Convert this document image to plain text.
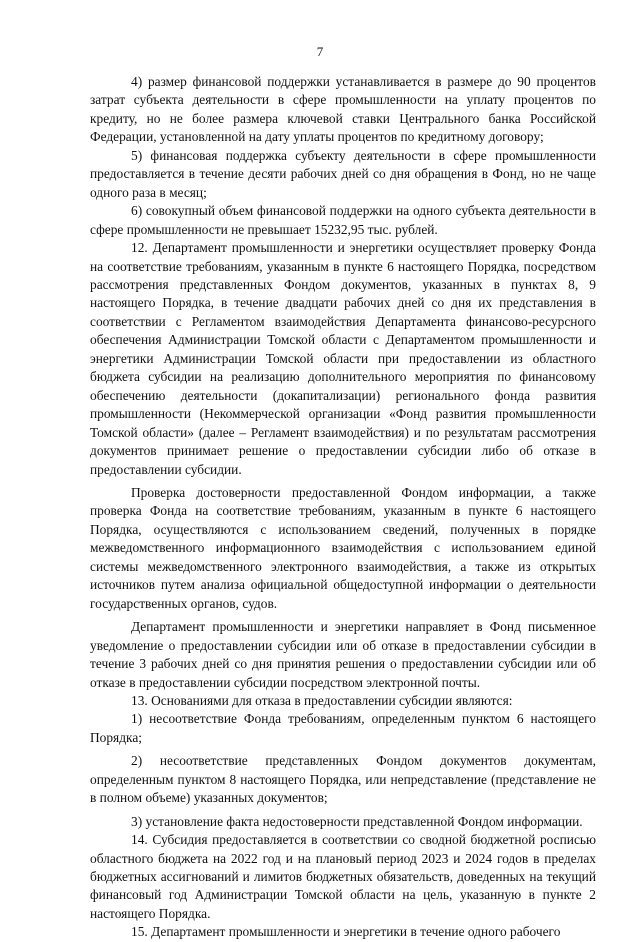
7

4) размер финансовой поддержки устанавливается в размере до 90 процентов затрат субъекта деятельности в сфере промышленности на уплату процентов по кредиту, но не более размера ключевой ставки Центрального банка Российской Федерации, установленной на дату уплаты процентов по кредитному договору;

5) финансовая поддержка субъекту деятельности в сфере промышленности предоставляется в течение десяти рабочих дней со дня обращения в Фонд, но не чаще одного раза в месяц;

6) совокупный объем финансовой поддержки на одного субъекта деятельности в сфере промышленности не превышает 15232,95 тыс. рублей.

12. Департамент промышленности и энергетики осуществляет проверку Фонда на соответствие требованиям, указанным в пункте 6 настоящего Порядка, посредством рассмотрения представленных Фондом документов, указанных в пунктах 8, 9 настоящего Порядка, в течение двадцати рабочих дней со дня их представления в соответствии с Регламентом взаимодействия Департамента финансово-ресурсного обеспечения Администрации Томской области с Департаментом промышленности и энергетики Администрации Томской области при предоставлении из областного бюджета субсидии на реализацию дополнительного мероприятия по финансовому обеспечению деятельности (докапитализации) регионального фонда развития промышленности (Некоммерческой организации «Фонд развития промышленности Томской области» (далее – Регламент взаимодействия) и по результатам рассмотрения документов принимает решение о предоставлении субсидии либо об отказе в предоставлении субсидии.

Проверка достоверности предоставленной Фондом информации, а также проверка Фонда на соответствие требованиям, указанным в пункте 6 настоящего Порядка, осуществляются с использованием сведений, полученных в порядке межведомственного информационного взаимодействия с использованием единой системы межведомственного электронного взаимодействия, а также из открытых источников путем анализа официальной общедоступной информации о деятельности государственных органов, судов.

Департамент промышленности и энергетики направляет в Фонд письменное уведомление о предоставлении субсидии или об отказе в предоставлении субсидии в течение 3 рабочих дней со дня принятия решения о предоставлении субсидии или об отказе в предоставлении субсидии посредством электронной почты.

13. Основаниями для отказа в предоставлении субсидии являются:

1) несоответствие Фонда требованиям, определенным пунктом 6 настоящего Порядка;

2) несоответствие представленных Фондом документов документам, определенным пунктом 8 настоящего Порядка, или непредставление (представление не в полном объеме) указанных документов;

3) установление факта недостоверности представленной Фондом информации.

14. Субсидия предоставляется в соответствии со сводной бюджетной росписью областного бюджета на 2022 год и на плановый период 2023 и 2024 годов в пределах бюджетных ассигнований и лимитов бюджетных обязательств, доведенных на текущий финансовый год Администрации Томской области на цель, указанную в пункте 2 настоящего Порядка.

15. Департамент промышленности и энергетики в течение одного рабочего
